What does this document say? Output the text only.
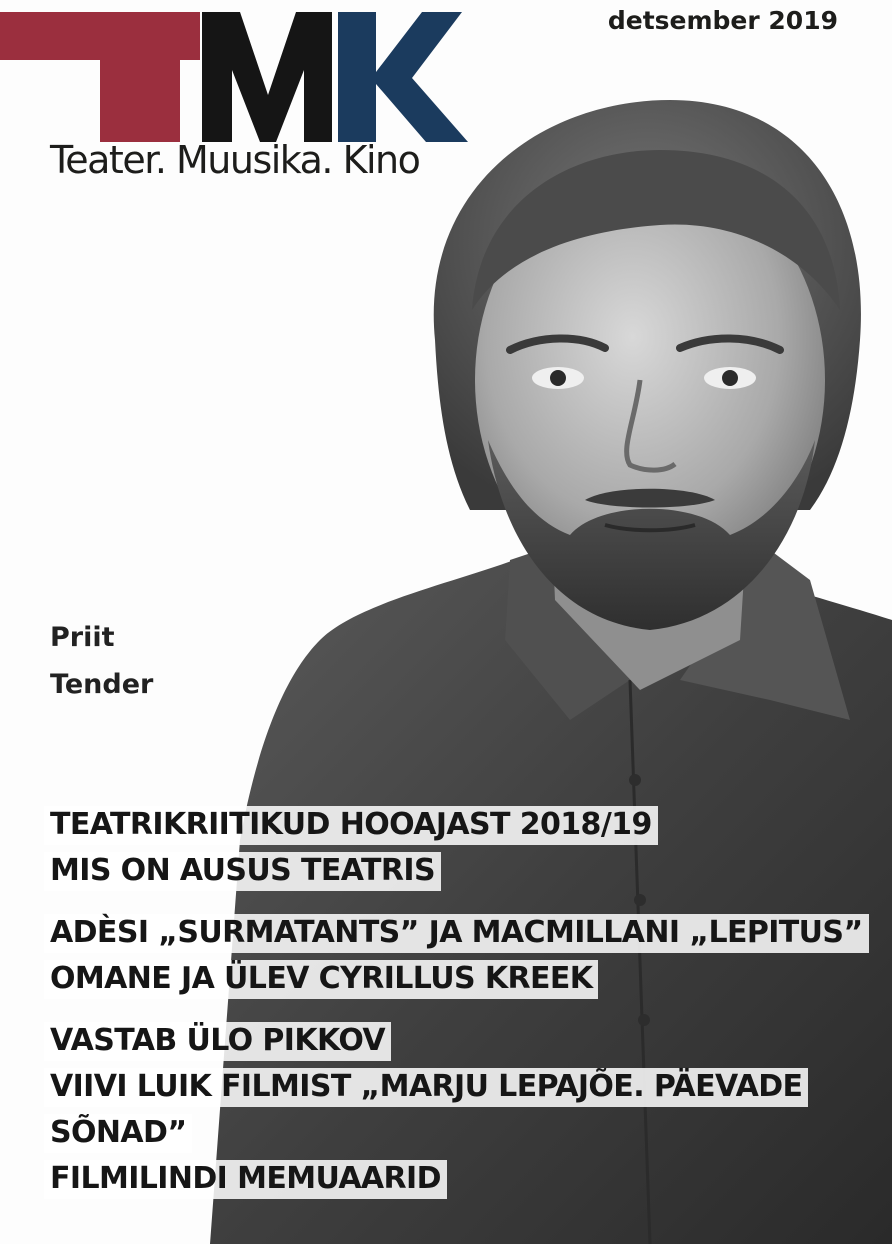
Teater. Muusika. Kino
detsember 2019
Priit
Tender
TEATRIKRIITIKUD HOOAJAST 2018/19
MIS ON AUSUS TEATRIS
ADÈSI „SURMATANTS” JA MACMILLANI „LEPITUS”
OMANE JA ÜLEV CYRILLUS KREEK
VASTAB ÜLO PIKKOV
VIIVI LUIK FILMIST „MARJU LEPAJÕE. PÄEVADE SÕNAD”
FILMILINDI MEMUAARID
